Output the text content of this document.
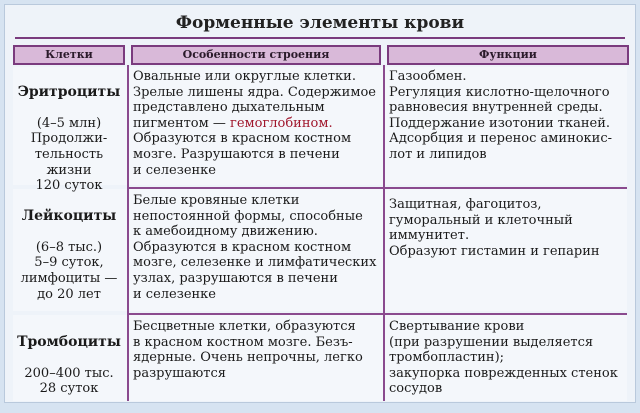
Форменные элементы крови
Клетки	Особенности строения	Функции

Эритроциты

(4–5 млн)
Продолжи-
тельность
жизни
120 суток

Овальные или округлые клетки.
Зрелые лишены ядра. Содержимое
представлено дыхательным
пигментом — гемоглобином.
Образуются в красном костном
мозге. Разрушаются в печени
и селезенке
Газообмен.
Регуляция кислотно-щелочного
равновесия внутренней среды.
Поддержание изотонии тканей.
Адсорбция и перенос аминокис-
лот и липидов

Лейкоциты

(6–8 тыс.)
5–9 суток,
лимфоциты —
до 20 лет

Белые кровяные клетки
непостоянной формы, способные
к амебоидному движению.
Образуются в красном костном
мозге, селезенке и лимфатических
узлах, разрушаются в печени
и селезенке
Защитная, фагоцитоз,
гуморальный и клеточный
иммунитет.
Образуют гистамин и гепарин

Тромбоциты

200–400 тыс.
28 суток

Бесцветные клетки, образуются
в красном костном мозге. Безъ-
ядерные. Очень непрочны, легко
разрушаются
Свертывание крови
(при разрушении выделяется
тромбопластин);
закупорка поврежденных стенок
сосудов
